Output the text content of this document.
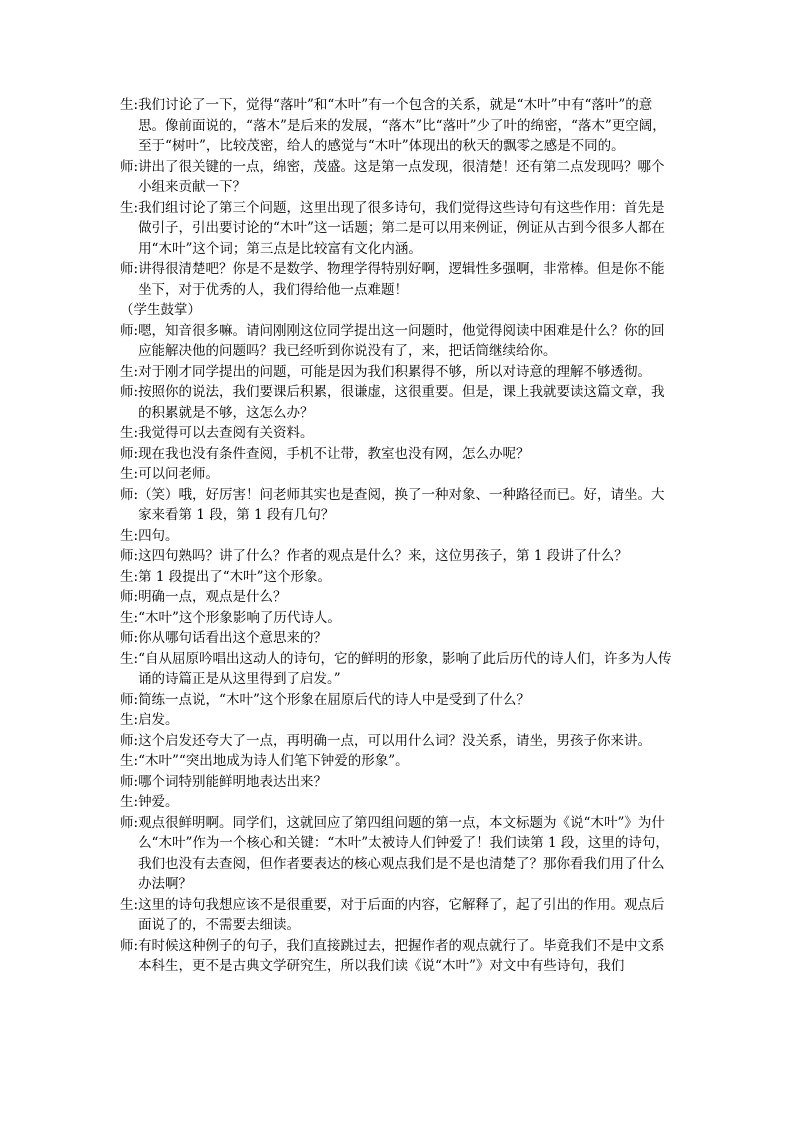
生: 我们讨论了一下，觉得“落叶”和“木叶”有一个包含的关系，就是“木叶”中有“落叶”的意思。像前面说的，“落木”是后来的发展，“落木”比“落叶”少了叶的绵密，“落木”更空阔，至于“树叶”，比较茂密，给人的感觉与“木叶”体现出的秋天的飘零之感是不同的。
师: 讲出了很关键的一点，绵密，茂盛。这是第一点发现，很清楚！还有第二点发现吗？哪个小组来贡献一下？
生: 我们组讨论了第三个问题，这里出现了很多诗句，我们觉得这些诗句有这些作用：首先是做引子，引出要讨论的“木叶”这一话题；第二是可以用来例证，例证从古到今很多人都在用“木叶”这个词；第三点是比较富有文化内涵。
师: 讲得很清楚吧？你是不是数学、物理学得特别好啊，逻辑性多强啊，非常棒。但是你不能坐下，对于优秀的人，我们得给他一点难题！
（学生鼓掌）
师: 嗯，知音很多嘛。请问刚刚这位同学提出这一问题时，他觉得阅读中困难是什么？你的回应能解决他的问题吗？我已经听到你说没有了，来，把话筒继续给你。
生: 对于刚才同学提出的问题，可能是因为我们积累得不够，所以对诗意的理解不够透彻。
师: 按照你的说法，我们要课后积累，很谦虚，这很重要。但是，课上我就要读这篇文章，我的积累就是不够，这怎么办？
生: 我觉得可以去查阅有关资料。
师: 现在我也没有条件查阅，手机不让带，教室也没有网，怎么办呢？
生: 可以问老师。
师: （笑）哦，好厉害！问老师其实也是查阅，换了一种对象、一种路径而已。好，请坐。大家来看第 1 段，第 1 段有几句？
生: 四句。
师: 这四句熟吗？讲了什么？作者的观点是什么？来，这位男孩子，第 1 段讲了什么？
生: 第 1 段提出了“木叶”这个形象。
师: 明确一点，观点是什么？
生: “木叶”这个形象影响了历代诗人。
师: 你从哪句话看出这个意思来的？
生: “自从屈原吟唱出这动人的诗句，它的鲜明的形象，影响了此后历代的诗人们，许多为人传诵的诗篇正是从这里得到了启发。”
师: 简练一点说，“木叶”这个形象在屈原后代的诗人中是受到了什么？
生: 启发。
师: 这个启发还夸大了一点，再明确一点，可以用什么词？没关系，请坐，男孩子你来讲。
生: “木叶”“突出地成为诗人们笔下钟爱的形象”。
师: 哪个词特别能鲜明地表达出来？
生: 钟爱。
师: 观点很鲜明啊。同学们，这就回应了第四组问题的第一点，本文标题为《说“木叶”》为什么“木叶”作为一个核心和关键：“木叶”太被诗人们钟爱了！我们读第 1 段，这里的诗句，我们也没有去查阅，但作者要表达的核心观点我们是不是也清楚了？那你看我们用了什么办法啊？
生: 这里的诗句我想应该不是很重要，对于后面的内容，它解释了，起了引出的作用。观点后面说了的，不需要去细读。
师: 有时候这种例子的句子，我们直接跳过去，把握作者的观点就行了。毕竟我们不是中文系本科生，更不是古典文学研究生，所以我们读《说“木叶”》对文中有些诗句，我们
